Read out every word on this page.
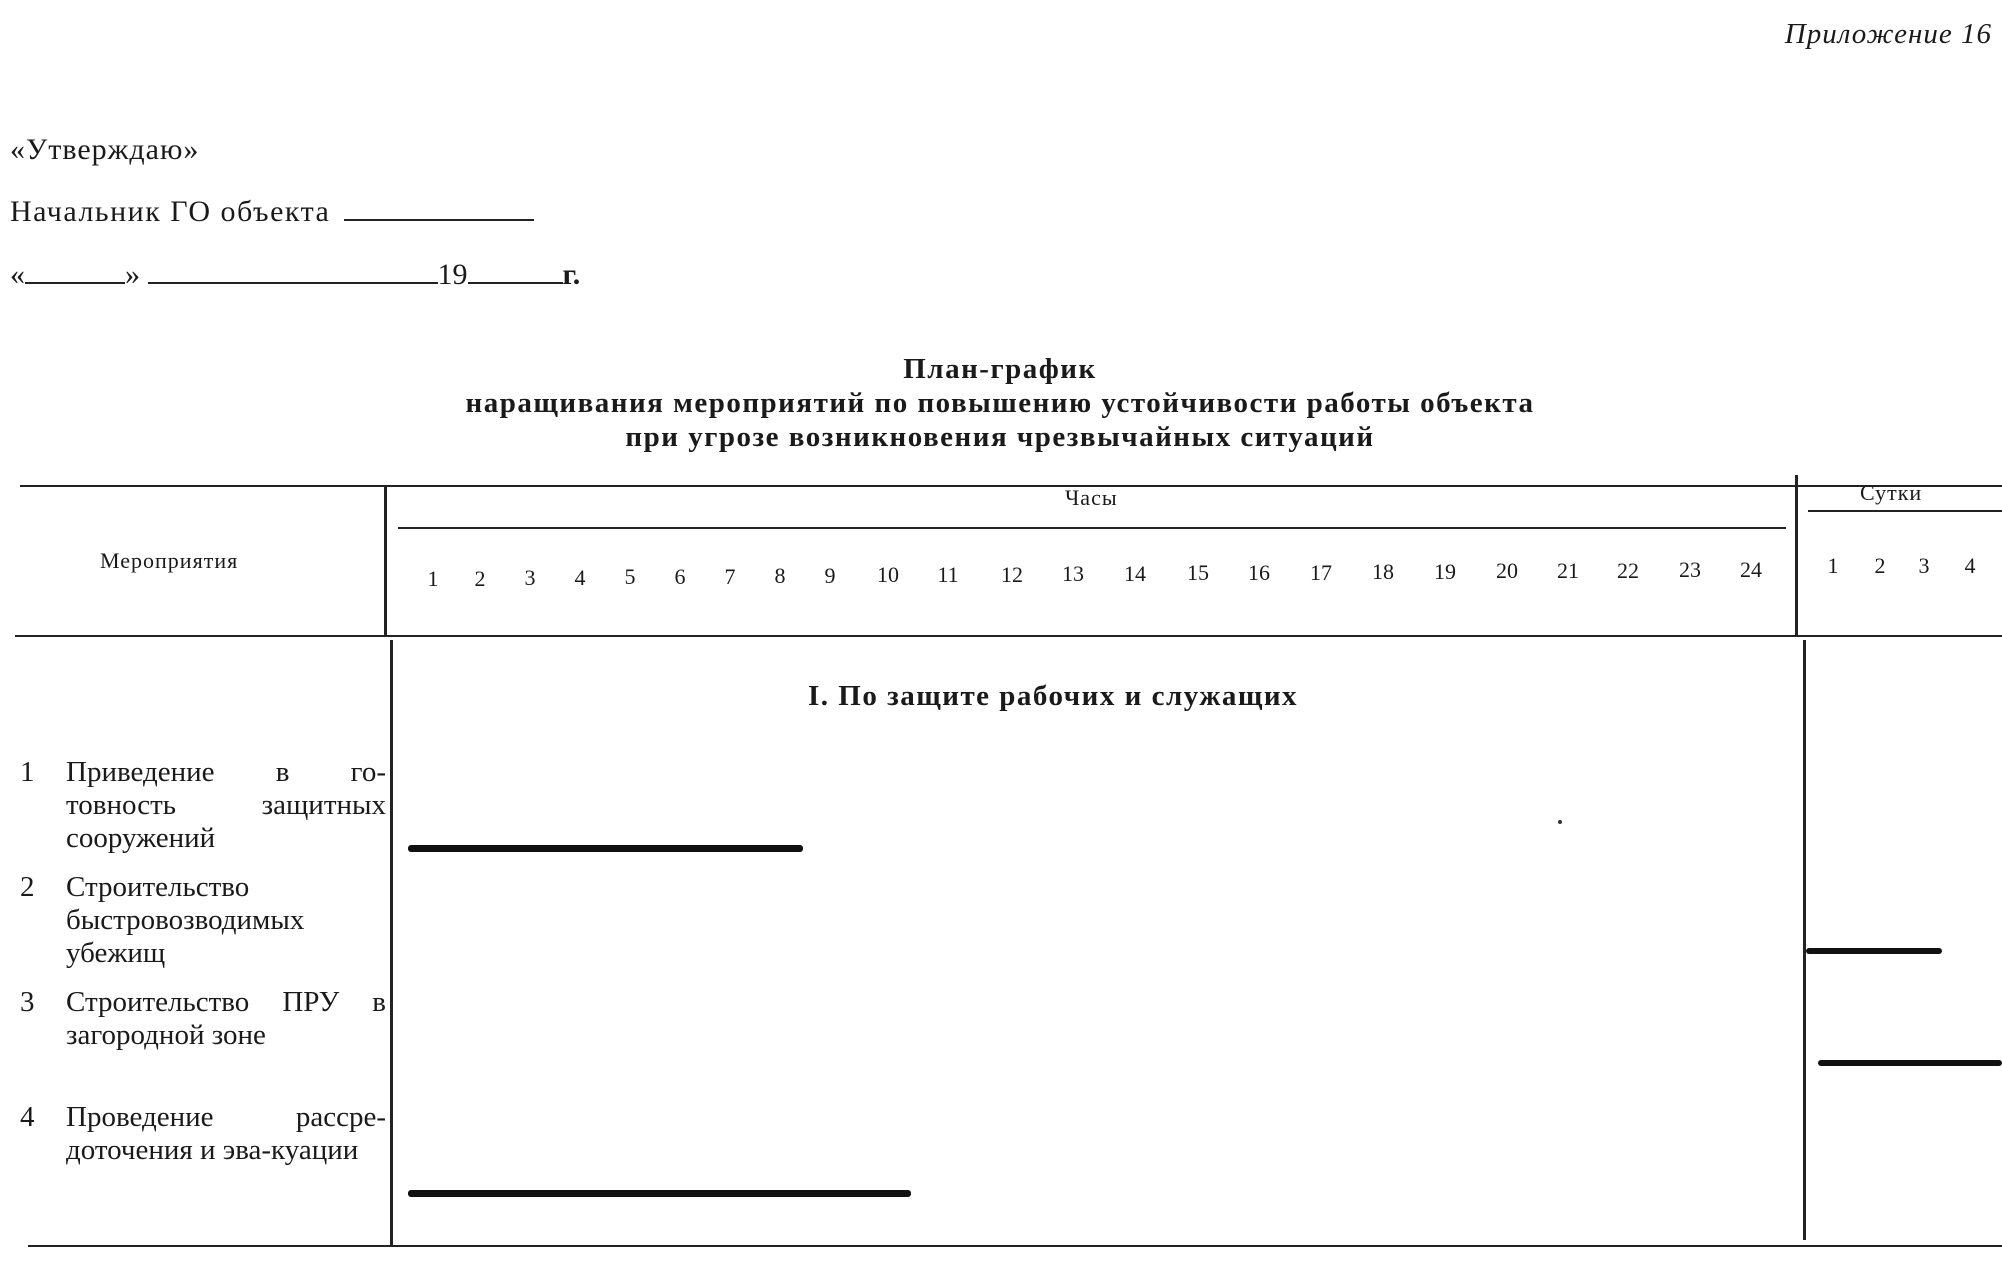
Приложение 16
«Утверждаю»
Начальник ГО объекта
«	»	19	г.
План-график
наращивания мероприятий по повышению устойчивости работы объекта
при угрозе возникновения чрезвычайных ситуаций
Мероприятия
Часы	Сутки
1	2	3	4	5	6	7	8	9	10	11	12	13	14	15	16	17	18	19	20	21	22	23	24	1	2	3	4
I. По защите рабочих и служащих
1 Приведение в го-товность защитных сооружений
2 Строительство быстровозводимых убежищ
3 Строительство ПРУ в загородной зоне
4 Проведение рассре-доточения и эва-куации
